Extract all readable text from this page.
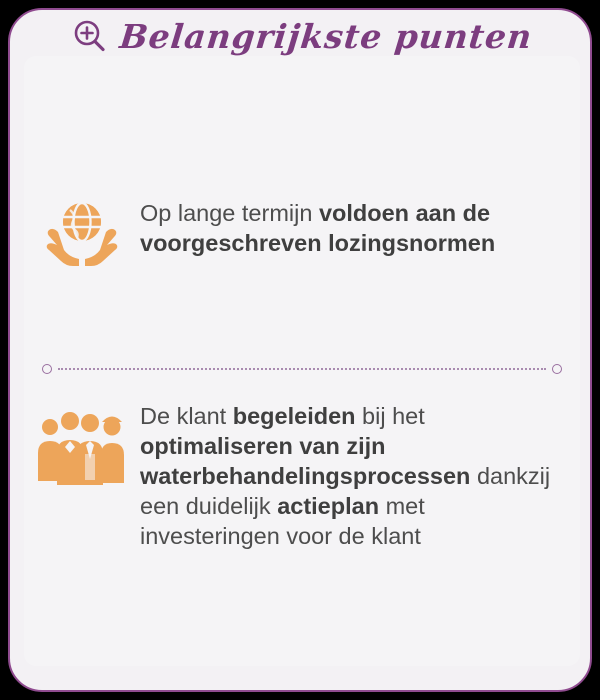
Belangrijkste punten
Op lange termijn voldoen aan de voorgeschreven lozingsnormen
De klant begeleiden bij het optimaliseren van zijn waterbehandelingsprocessen dankzij een duidelijk actieplan met investeringen voor de klant
